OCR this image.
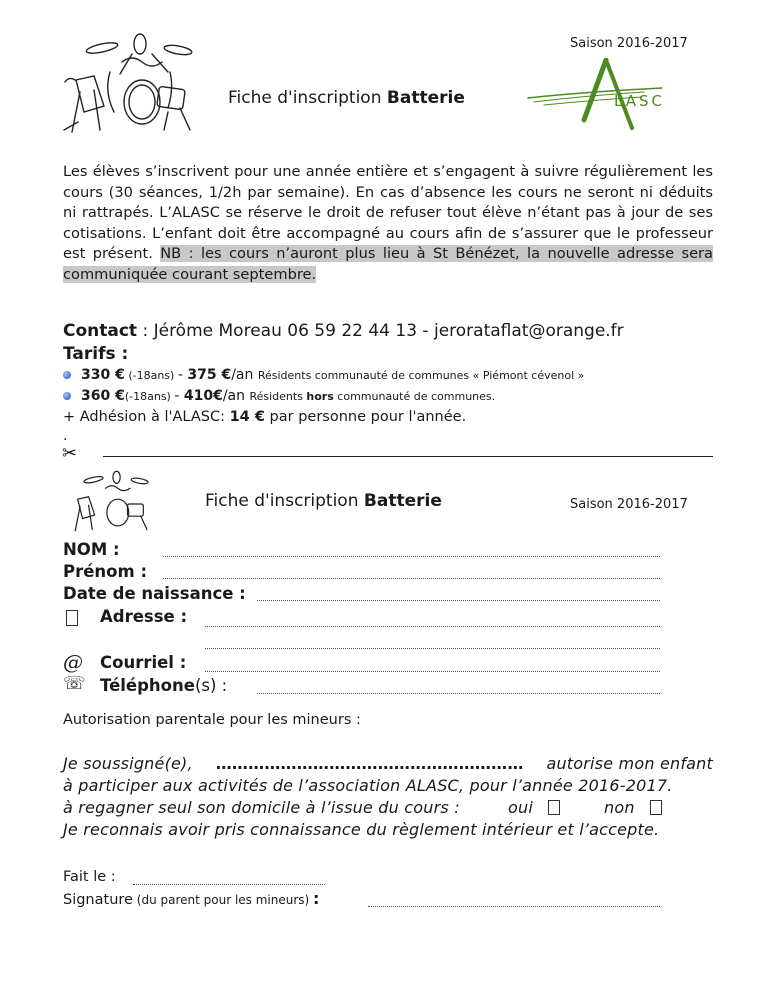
Saison 2016-2017
Fiche d'inscription Batterie	LASC
Les élèves s’inscrivent pour une année entière et s’engagent à suivre régulièrement les cours (30 séances, 1/2h par semaine). En cas d’absence les cours ne seront ni déduits ni rattrapés. L’ALASC se réserve le droit de refuser tout élève n’étant pas à jour de ses cotisations. L’enfant doit être accompagné au cours afin de s’assurer que le professeur est présent. NB : les cours n’auront plus lieu à St Bénézet, la nouvelle adresse sera communiquée courant septembre.
Contact : Jérôme Moreau 06 59 22 44 13 - jerorataflat@orange.fr
Tarifs :
330 € (-18ans) - 375 €/an Résidents communauté de communes « Piémont cévenol »
360 €(-18ans) - 410€/an Résidents hors communauté de communes.
+ Adhésion à l'ALASC: 14 € par personne pour l'année.
.
✂
Fiche d'inscription Batterie	Saison 2016-2017
NOM :
Prénom :
Date de naissance :
Adresse :
@ Courriel :
☏ Téléphone(s) :
Autorisation parentale pour les mineurs :
Je soussigné(e), ………………………………………………… autorise mon enfant
à participer aux activités de l’association ALASC, pour l’année 2016-2017.
à regagner seul son domicile à l’issue du cours :	oui	non
Je reconnais avoir pris connaissance du règlement intérieur et l’accepte.
Fait le :
Signature (du parent pour les mineurs) :
